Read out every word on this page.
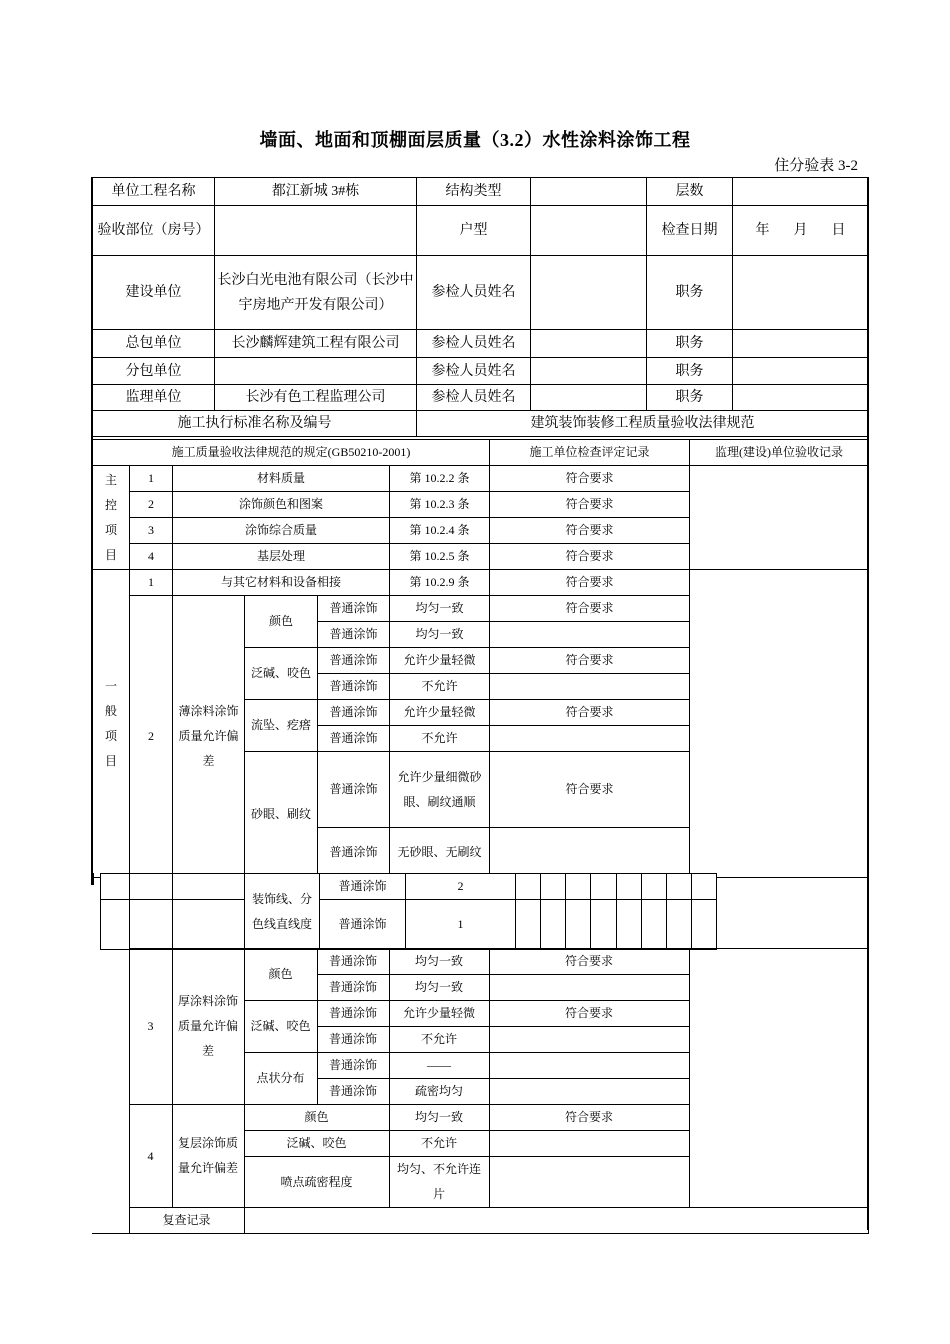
墙面、地面和顶棚面层质量（3.2）水性涂料涂饰工程
住分验表 3-2
单位工程名称	都江新城 3#栋	结构类型		层数	
验收部位（房号）		户型		检查日期	年 月 日
建设单位	长沙白光电池有限公司（长沙中宇房地产开发有限公司）	参检人员姓名		职务	
总包单位	长沙麟辉建筑工程有限公司	参检人员姓名		职务	
分包单位		参检人员姓名		职务	
监理单位	长沙有色工程监理公司	参检人员姓名		职务	
施工执行标准名称及编号		建筑装饰装修工程质量验收法律规范			
施工质量验收法律规范的规定(GB50210-2001)						施工单位检查评定记录	监理(建设)单位验收记录

主
控
项
目	1	材料质量			第 10.2.2 条	符合要求	
	2	涂饰颜色和图案			第 10.2.3 条	符合要求	
	3	涂饰综合质量			第 10.2.4 条	符合要求	
	4	基层处理			第 10.2.5 条	符合要求	

一
般
项
目	1	与其它材料和设备相接			第 10.2.9 条	符合要求	
	2	薄涂料涂饰质量允许偏差	颜色	普通涂饰	均匀一致	符合要求	
				普通涂饰	均匀一致		
			泛碱、咬色	普通涂饰	允许少量轻微	符合要求	
				普通涂饰	不允许		
			流坠、疙瘩	普通涂饰	允许少量轻微	符合要求	
				普通涂饰	不允许		
			砂眼、刷纹	普通涂饰	允许少量细微砂眼、刷纹通顺	符合要求	
				普通涂饰	无砂眼、无刷纹		
			装饰线、分色线直线度	普通涂饰	2								
				普通涂饰	1								
	3	厚涂料涂饰质量允许偏差	颜色	普通涂饰	均匀一致	符合要求	
				普通涂饰	均匀一致		
			泛碱、咬色	普通涂饰	允许少量轻微	符合要求	
				普通涂饰	不允许		
			点状分布	普通涂饰	——		
				普通涂饰	疏密均匀		
	4	复层涂饰质量允许偏差	颜色		均匀一致	符合要求	
			泛碱、咬色		不允许		
			喷点疏密程度		均匀、不允许连片		
	复查记录						
